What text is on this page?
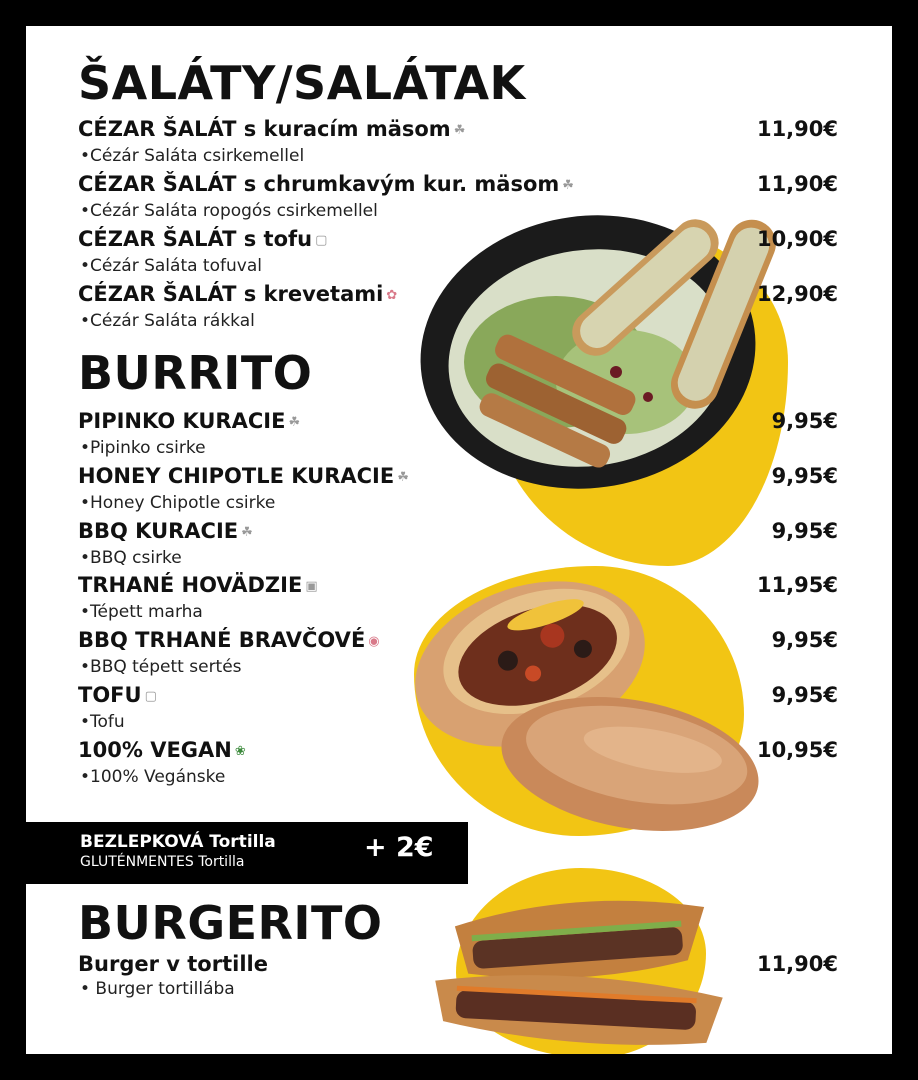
ŠALÁTY/SALÁTAK
CÉZAR ŠALÁT s kuracím mäsom ☘
•Cézár Saláta csirkemellel
11,90€
CÉZAR ŠALÁT s chrumkavým kur. mäsom ☘
•Cézár Saláta ropogós csirkemellel
11,90€
CÉZAR ŠALÁT s tofu ▢
•Cézár Saláta tofuval
10,90€
CÉZAR ŠALÁT s krevetami ✿
•Cézár Saláta rákkal
12,90€
BURRITO
PIPINKO KURACIE ☘
•Pipinko csirke
9,95€
HONEY CHIPOTLE KURACIE ☘
•Honey Chipotle csirke
9,95€
BBQ KURACIE ☘
•BBQ csirke
9,95€
TRHANÉ HOVÄDZIE ▣
•Tépett marha
11,95€
BBQ TRHANÉ BRAVČOVÉ ◉
•BBQ tépett sertés
9,95€
TOFU ▢
•Tofu
9,95€
100% VEGAN ❀
•100% Vegánske
10,95€
BEZLEPKOVÁ Tortilla
GLUTÉNMENTES Tortilla	+ 2€
BURGERITO
Burger v tortille
• Burger tortillába
11,90€
